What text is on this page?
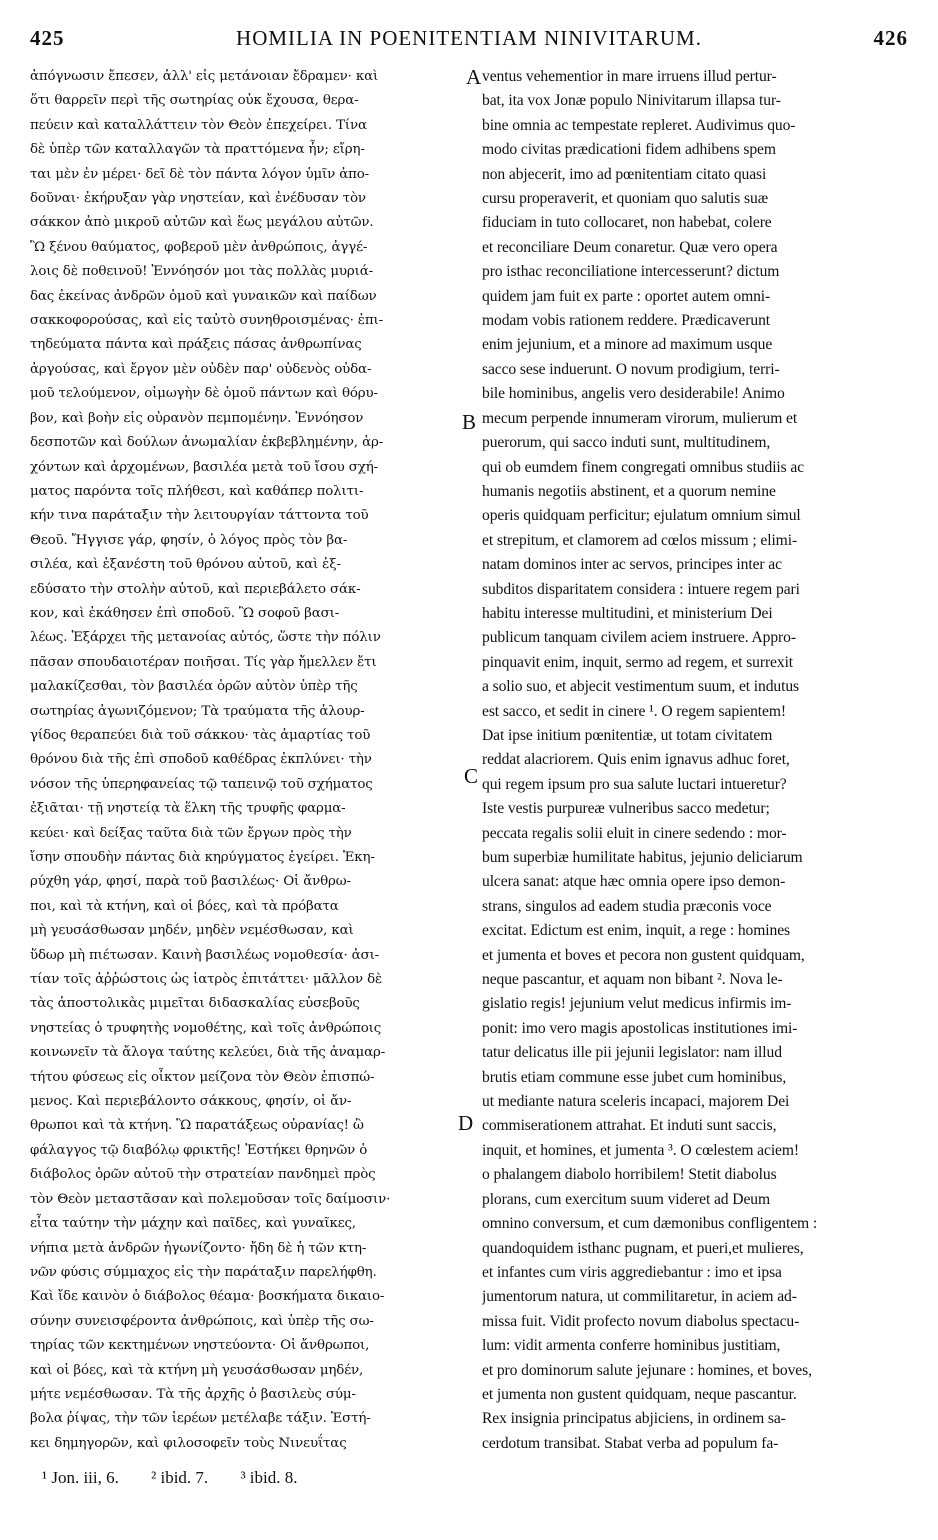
425	HOMILIA IN POENITENTIAM NINIVITARUM.	426
ἀπόγνωσιν ἔπεσεν, ἀλλ' εἰς μετάνοιαν ἔδραμεν· καὶ
ὅτι θαρρεῖν περὶ τῆς σωτηρίας οὐκ ἔχουσα, θερα-
πεύειν καὶ καταλλάττειν τὸν Θεὸν ἐπεχείρει. Τίνα
δὲ ὑπὲρ τῶν καταλλαγῶν τὰ πραττόμενα ἦν; εἴρη-
ται μὲν ἐν μέρει· δεῖ δὲ τὸν πάντα λόγον ὑμῖν ἀπο-
δοῦναι· ἐκήρυξαν γὰρ νηστείαν, καὶ ἐνέδυσαν τὸν
σάκκον ἀπὸ μικροῦ αὐτῶν καὶ ἕως μεγάλου αὐτῶν.
Ὢ ξένου θαύματος, φοβεροῦ μὲν ἀνθρώποις, ἀγγέ-
λοις δὲ ποθεινοῦ! Ἐννόησόν μοι τὰς πολλὰς μυριά-
δας ἐκείνας ἀνδρῶν ὁμοῦ καὶ γυναικῶν καὶ παίδων
σακκοφορούσας, καὶ εἰς ταὐτὸ συνηθροισμένας· ἐπι-
τηδεύματα πάντα καὶ πράξεις πάσας ἀνθρωπίνας
ἀργούσας, καὶ ἔργον μὲν οὐδὲν παρ' οὐδενὸς οὐδα-
μοῦ τελούμενον, οἰμωγὴν δὲ ὁμοῦ πάντων καὶ θόρυ-
βον, καὶ βοὴν εἰς οὐρανὸν πεμπομένην. Ἐννόησον
δεσποτῶν καὶ δούλων ἀνωμαλίαν ἐκβεβλημένην, ἀρ-
χόντων καὶ ἀρχομένων, βασιλέα μετὰ τοῦ ἴσου σχή-
ματος παρόντα τοῖς πλήθεσι, καὶ καθάπερ πολιτι-
κήν τινα παράταξιν τὴν λειτουργίαν τάττοντα τοῦ
Θεοῦ. Ἤγγισε γάρ, φησίν, ὁ λόγος πρὸς τὸν βα-
σιλέα, καὶ ἐξανέστη τοῦ θρόνου αὐτοῦ, καὶ ἐξ-
εδύσατο τὴν στολὴν αὐτοῦ, καὶ περιεβάλετο σάκ-
κον, καὶ ἐκάθησεν ἐπὶ σποδοῦ. Ὢ σοφοῦ βασι-
λέως. Ἐξάρχει τῆς μετανοίας αὐτός, ὥστε τὴν πόλιν
πᾶσαν σπουδαιοτέραν ποιῆσαι. Τίς γὰρ ἤμελλεν ἔτι
μαλακίζεσθαι, τὸν βασιλέα ὁρῶν αὐτὸν ὑπὲρ τῆς
σωτηρίας ἀγωνιζόμενον; Τὰ τραύματα τῆς ἁλουρ-
γίδος θεραπεύει διὰ τοῦ σάκκου· τὰς ἁμαρτίας τοῦ
θρόνου διὰ τῆς ἐπὶ σποδοῦ καθέδρας ἐκπλύνει· τὴν
νόσον τῆς ὑπερηφανείας τῷ ταπεινῷ τοῦ σχήματος
ἐξιᾶται· τῇ νηστείᾳ τὰ ἕλκη τῆς τρυφῆς φαρμα-
κεύει· καὶ δείξας ταῦτα διὰ τῶν ἔργων πρὸς τὴν
ἴσην σπουδὴν πάντας διὰ κηρύγματος ἐγείρει. Ἐκη-
ρύχθη γάρ, φησί, παρὰ τοῦ βασιλέως· Οἱ ἄνθρω-
ποι, καὶ τὰ κτήνη, καὶ οἱ βόες, καὶ τὰ πρόβατα
μὴ γευσάσθωσαν μηδέν, μηδὲν νεμέσθωσαν, καὶ
ὕδωρ μὴ πιέτωσαν. Καινὴ βασιλέως νομοθεσία· ἀσι-
τίαν τοῖς ἀῤῥώστοις ὡς ἰατρὸς ἐπιτάττει· μᾶλλον δὲ
τὰς ἀποστολικὰς μιμεῖται διδασκαλίας εὐσεβοῦς
νηστείας ὁ τρυφητὴς νομοθέτης, καὶ τοῖς ἀνθρώποις
κοινωνεῖν τὰ ἄλογα ταύτης κελεύει, διὰ τῆς ἀναμαρ-
τήτου φύσεως εἰς οἶκτον μείζονα τὸν Θεὸν ἐπισπώ-
μενος. Καὶ περιεβάλοντο σάκκους, φησίν, οἱ ἄν-
θρωποι καὶ τὰ κτήνη. Ὢ παρατάξεως οὐρανίας! ὢ
φάλαγγος τῷ διαβόλῳ φρικτῆς! Ἐστήκει θρηνῶν ὁ
διάβολος ὁρῶν αὐτοῦ τὴν στρατείαν πανδημεὶ πρὸς
τὸν Θεὸν μεταστᾶσαν καὶ πολεμοῦσαν τοῖς δαίμοσιν·
εἶτα ταύτην τὴν μάχην καὶ παῖδες, καὶ γυναῖκες,
νήπια μετὰ ἀνδρῶν ἠγωνίζοντο· ἤδη δὲ ἡ τῶν κτη-
νῶν φύσις σύμμαχος εἰς τὴν παράταξιν παρελήφθη.
Καὶ ἴδε καινὸν ὁ διάβολος θέαμα· βοσκήματα δικαιο-
σύνην συνεισφέροντα ἀνθρώποις, καὶ ὑπὲρ τῆς σω-
τηρίας τῶν κεκτημένων νηστεύοντα· Οἱ ἄνθρωποι,
καὶ οἱ βόες, καὶ τὰ κτήνη μὴ γευσάσθωσαν μηδέν,
μήτε νεμέσθωσαν. Τὰ τῆς ἀρχῆς ὁ βασιλεὺς σύμ-
βολα ῥίψας, τὴν τῶν ἱερέων μετέλαβε τάξιν. Ἐστή-
κει δημηγορῶν, καὶ φιλοσοφεῖν τοὺς Νινευΐτας
A
B
C
D
ventus vehementior in mare irruens illud pertur-
bat, ita vox Jonæ populo Ninivitarum illapsa tur-
bine omnia ac tempestate repleret. Audivimus quo-
modo civitas prædicationi fidem adhibens spem
non abjecerit, imo ad pœnitentiam citato quasi
cursu properaverit, et quoniam quo salutis suæ
fiduciam in tuto collocaret, non habebat, colere
et reconciliare Deum conaretur. Quæ vero opera
pro isthac reconciliatione intercesserunt? dictum
quidem jam fuit ex parte : oportet autem omni-
modam vobis rationem reddere. Prædicaverunt
enim jejunium, et a minore ad maximum usque
sacco sese induerunt. O novum prodigium, terri-
bile hominibus, angelis vero desiderabile! Animo
mecum perpende innumeram virorum, mulierum et
puerorum, qui sacco induti sunt, multitudinem,
qui ob eumdem finem congregati omnibus studiis ac
humanis negotiis abstinent, et a quorum nemine
operis quidquam perficitur; ejulatum omnium simul
et strepitum, et clamorem ad cœlos missum ; elimi-
natam dominos inter ac servos, principes inter ac
subditos disparitatem considera : intuere regem pari
habitu interesse multitudini, et ministerium Dei
publicum tanquam civilem aciem instruere. Appro-
pinquavit enim, inquit, sermo ad regem, et surrexit
a solio suo, et abjecit vestimentum suum, et indutus
est sacco, et sedit in cinere ¹. O regem sapientem!
Dat ipse initium pœnitentiæ, ut totam civitatem
reddat alacriorem. Quis enim ignavus adhuc foret,
qui regem ipsum pro sua salute luctari intueretur?
Iste vestis purpureæ vulneribus sacco medetur;
peccata regalis solii eluit in cinere sedendo : mor-
bum superbiæ humilitate habitus, jejunio deliciarum
ulcera sanat: atque hæc omnia opere ipso demon-
strans, singulos ad eadem studia præconis voce
excitat. Edictum est enim, inquit, a rege : homines
et jumenta et boves et pecora non gustent quidquam,
neque pascantur, et aquam non bibant ². Nova le-
gislatio regis! jejunium velut medicus infirmis im-
ponit: imo vero magis apostolicas institutiones imi-
tatur delicatus ille pii jejunii legislator: nam illud
brutis etiam commune esse jubet cum hominibus,
ut mediante natura sceleris incapaci, majorem Dei
commiserationem attrahat. Et induti sunt saccis,
inquit, et homines, et jumenta ³. O cœlestem aciem!
o phalangem diabolo horribilem! Stetit diabolus
plorans, cum exercitum suum videret ad Deum
omnino conversum, et cum dæmonibus confligentem :
quandoquidem isthanc pugnam, et pueri,et mulieres,
et infantes cum viris aggrediebantur : imo et ipsa
jumentorum natura, ut commilitaretur, in aciem ad-
missa fuit. Vidit profecto novum diabolus spectacu-
lum: vidit armenta conferre hominibus justitiam,
et pro dominorum salute jejunare : homines, et boves,
et jumenta non gustent quidquam, neque pascantur.
Rex insignia principatus abjiciens, in ordinem sa-
cerdotum transibat. Stabat verba ad populum fa-
¹ Jon. iii, 6. ² ibid. 7. ³ ibid. 8.
